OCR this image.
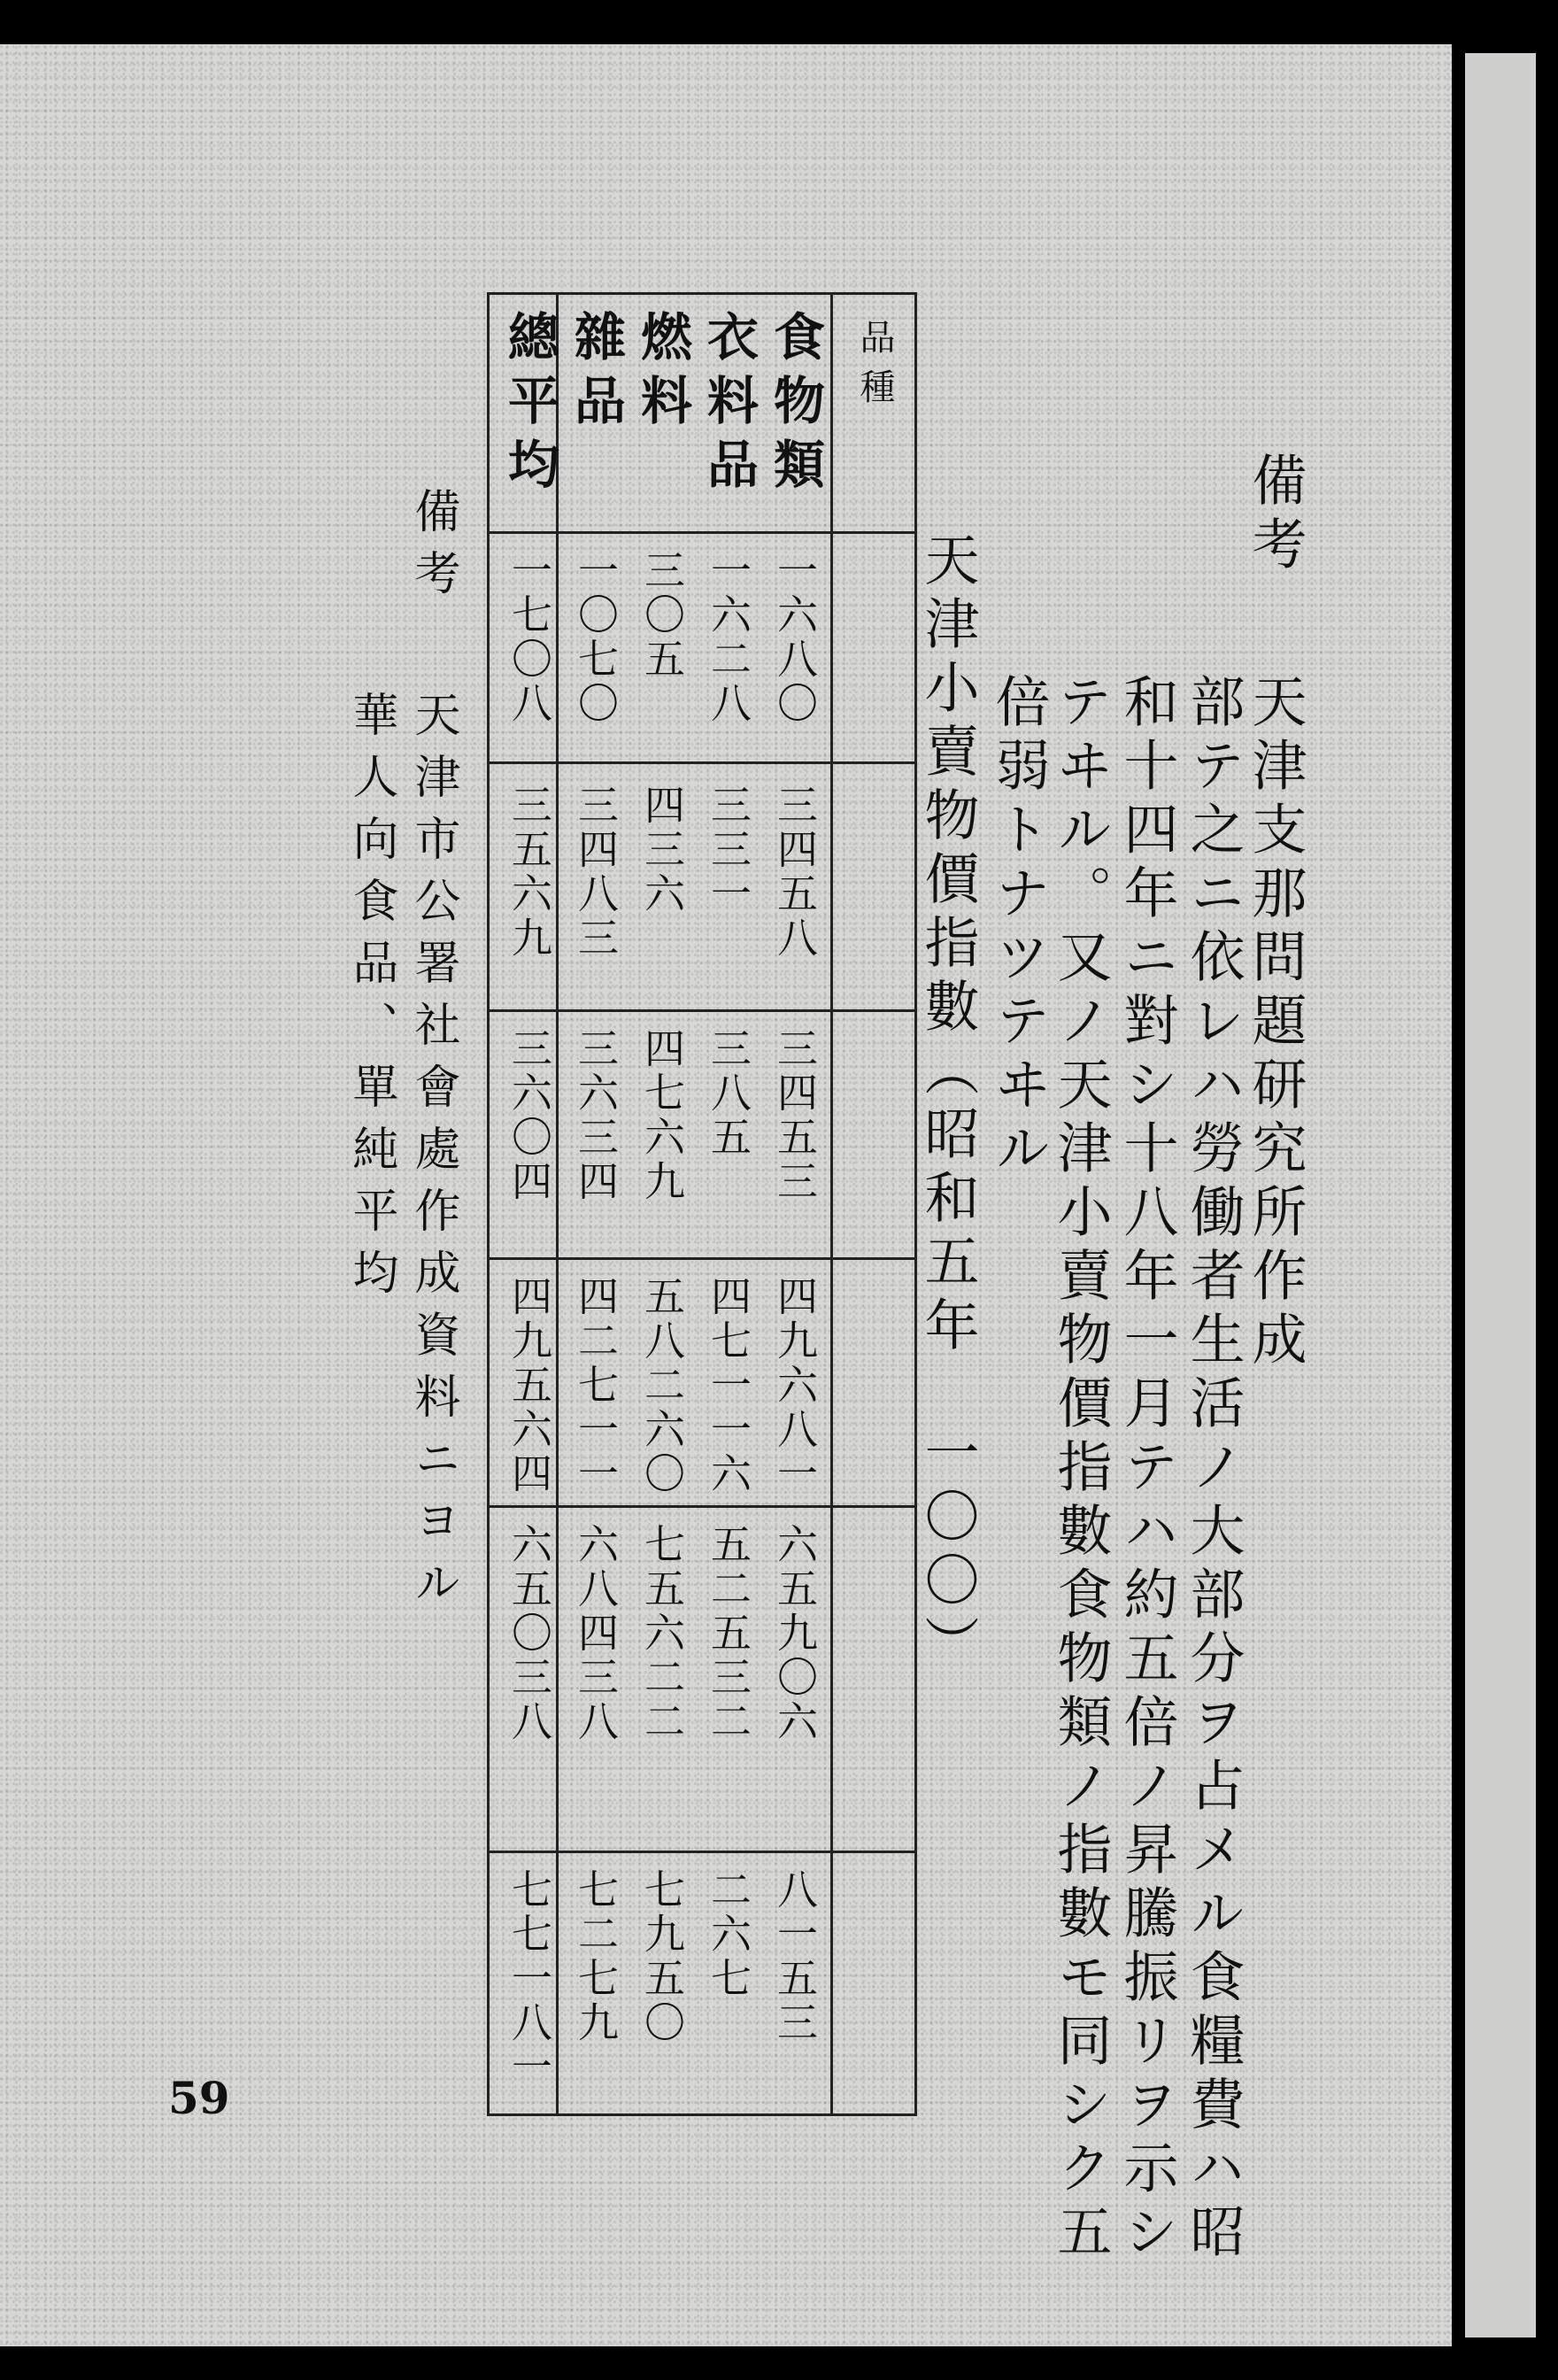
備考
天津支那問題研究所作成
部テ之ニ依レハ勞働者生活ノ大部分ヲ占メル食糧費ハ昭
和十四年ニ對シ十八年一月テハ約五倍ノ昇騰振リヲ示シ
テヰル。又ノ天津小賣物價指數食物類ノ指數モ同シク五
倍弱トナツテヰル
天津小賣物價指數（昭和五年　一〇〇）
品種
食物類
一六八〇
三四五八
三四五三
四九六八一
六五九〇六
八一五三
衣料品
一六二八
三三一
三八五
四七一一六
五二五三二
二六七
燃料
三〇五
四三六
四七六九
五八二六〇
七五六二二
七九五〇
雜品
一〇七〇
三四八三
三六三四
四二七一一
六八四三八
七二七九
總平均
一七〇八
三五六九
三六〇四
四九五六四
六五〇三八
七七一八一
備考
天津市公署社會處作成資料ニヨル
華人向食品、單純平均
59
